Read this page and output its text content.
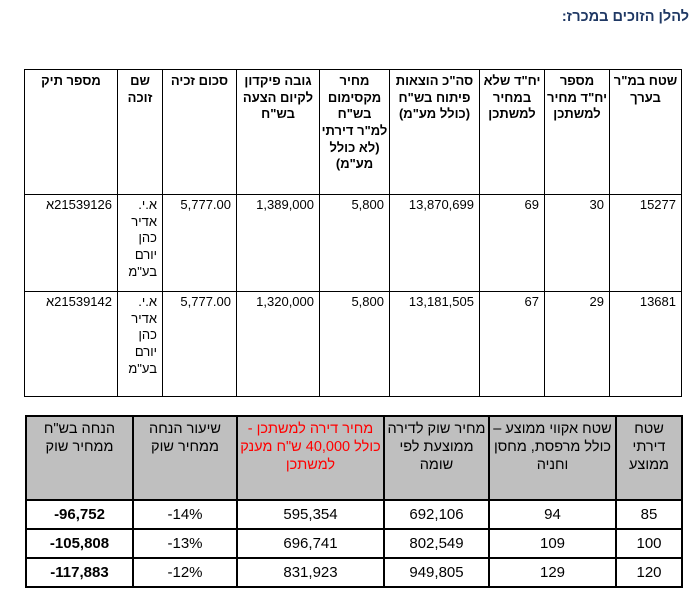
להלן הזוכים במכרז:
שטח במ"ר בערך	מספר יח"ד מחיר למשתכן	יח"ד שלא במחיר למשתכן	סה"כ הוצאות פיתוח בש"ח (כולל מע"מ)	מחיר מקסימום בש"ח למ"ר דירתי (לא כולל מע"מ)	גובה פיקדון לקיום הצעה בש"ח	סכום זכיה	שם זוכה	מספר תיק
15277	30	69	13,870,699	5,800	1,389,000	5,777.00	א.י. אדיר כהן יורם בע"מ	21539126א
13681	29	67	13,181,505	5,800	1,320,000	5,777.00	א.י. אדיר כהן יורם בע"מ	21539142א
שטח דירתי ממוצע	שטח אקווי ממוצע – כולל מרפסת, מחסן וחניה	מחיר שוק לדירה ממוצעת לפי שומה	מחיר דירה למשתכן - כולל 40,000 ש"ח מענק למשתכן	שיעור הנחה ממחיר שוק	הנחה בש"ח ממחיר שוק
85	94	692,106	595,354	-14%	-96,752
100	109	802,549	696,741	-13%	-105,808
120	129	949,805	831,923	-12%	-117,883
